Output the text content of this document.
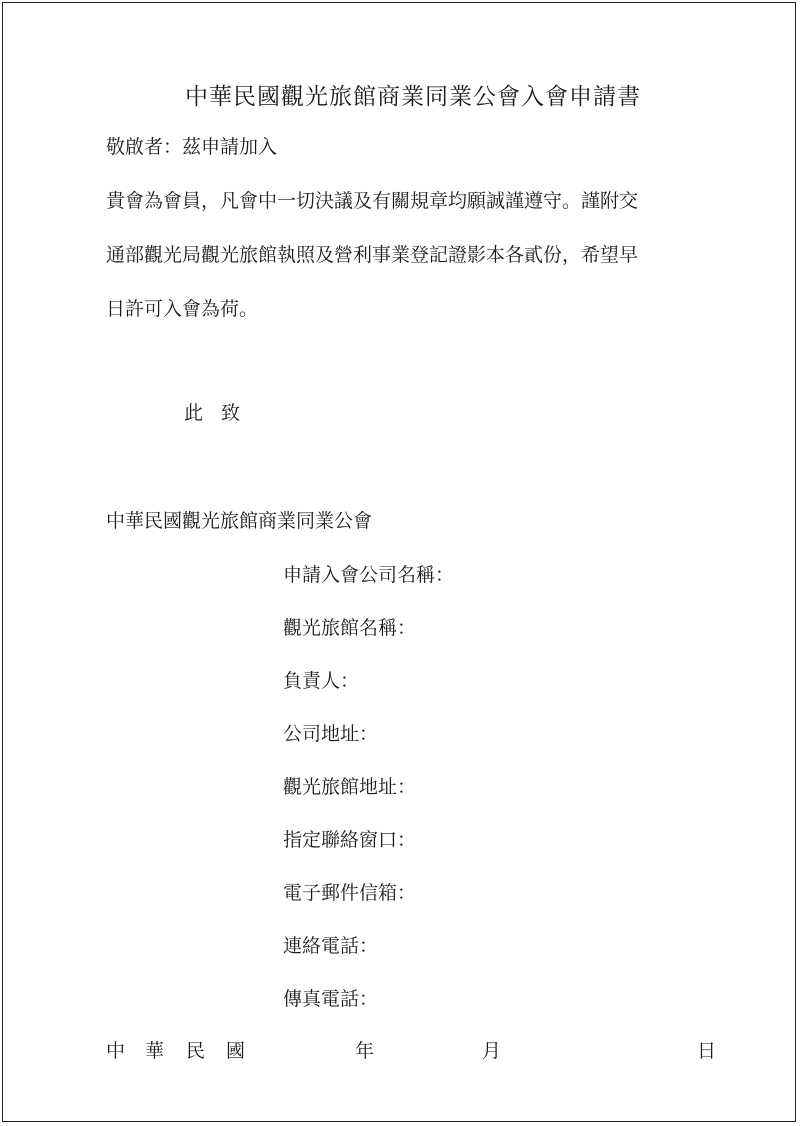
中華民國觀光旅館商業同業公會入會申請書
敬啟者：茲申請加入
貴會為會員，凡會中一切決議及有關規章均願誠謹遵守。謹附交
通部觀光局觀光旅館執照及營利事業登記證影本各貳份，希望早
日許可入會為荷。
此 致
中華民國觀光旅館商業同業公會
申請入會公司名稱：
觀光旅館名稱：
負責人：
公司地址：
觀光旅館地址：
指定聯絡窗口：
電子郵件信箱：
連絡電話：
傳真電話：
中 華 民 國	年	月	日
